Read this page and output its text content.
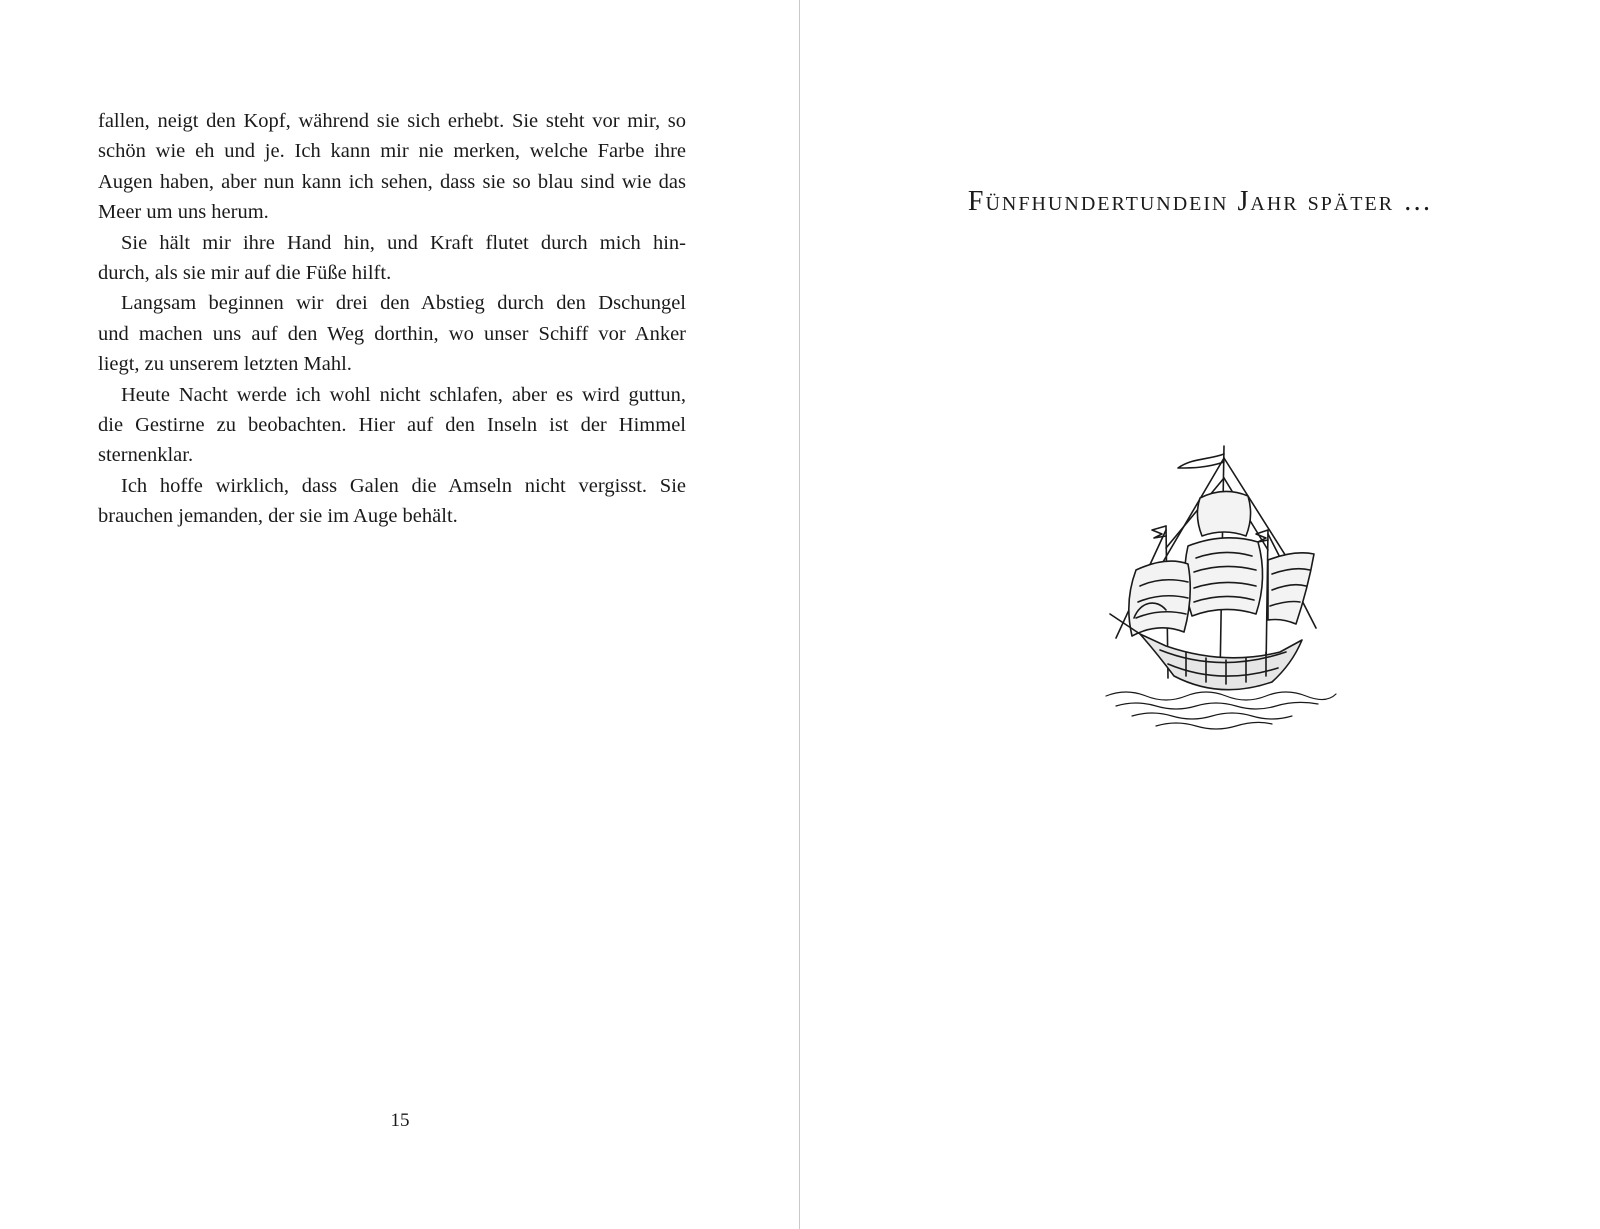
fallen, neigt den Kopf, während sie sich erhebt. Sie steht vor mir, so
schön wie eh und je. Ich kann mir nie merken, welche Farbe ihre
Augen haben, aber nun kann ich sehen, dass sie so blau sind wie das
Meer um uns herum.
Sie hält mir ihre Hand hin, und Kraft flutet durch mich hin-
durch, als sie mir auf die Füße hilft.
Langsam beginnen wir drei den Abstieg durch den Dschungel
und machen uns auf den Weg dorthin, wo unser Schiff vor Anker
liegt, zu unserem letzten Mahl.
Heute Nacht werde ich wohl nicht schlafen, aber es wird guttun,
die Gestirne zu beobachten. Hier auf den Inseln ist der Himmel
sternenklar.
Ich hoffe wirklich, dass Galen die Amseln nicht vergisst. Sie
brauchen jemanden, der sie im Auge behält.
15
Fünfhundertundein Jahr später …
